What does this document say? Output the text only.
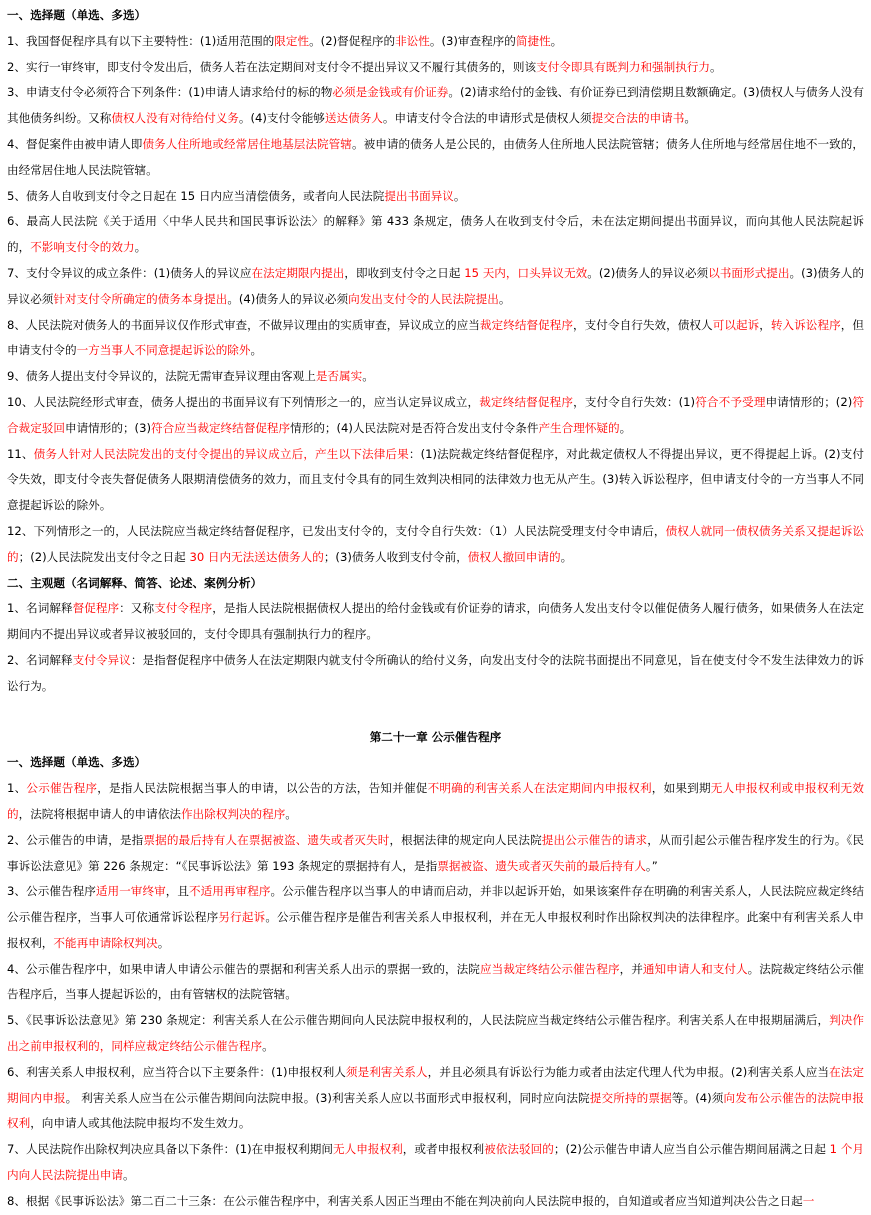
一、选择题（单选、多选）

1、我国督促程序具有以下主要特性：(1)适用范围的限定性。(2)督促程序的非讼性。(3)审查程序的简捷性。

2、实行一审终审，即支付令发出后，债务人若在法定期间对支付令不提出异议又不履行其债务的，则该支付令即具有既判力和强制执行力。

3、申请支付令必须符合下列条件：(1)申请人请求给付的标的物必须是金钱或有价证券。(2)请求给付的金钱、有价证券已到清偿期且数额确定。(3)债权人与债务人没有其他债务纠纷。又称债权人没有对待给付义务。(4)支付令能够送达债务人。申请支付令合法的申请形式是债权人须提交合法的申请书。

4、督促案件由被申请人即债务人住所地或经常居住地基层法院管辖。被申请的债务人是公民的，由债务人住所地人民法院管辖；债务人住所地与经常居住地不一致的，由经常居住地人民法院管辖。

5、债务人自收到支付令之日起在 15 日内应当清偿债务，或者向人民法院提出书面异议。

6、最高人民法院《关于适用〈中华人民共和国民事诉讼法〉的解释》第 433 条规定，债务人在收到支付令后，未在法定期间提出书面异议，而向其他人民法院起诉的，不影响支付令的效力。

7、支付令异议的成立条件：(1)债务人的异议应在法定期限内提出，即收到支付令之日起 15 天内，口头异议无效。(2)债务人的异议必须以书面形式提出。(3)债务人的异议必须针对支付令所确定的债务本身提出。(4)债务人的异议必须向发出支付令的人民法院提出。

8、人民法院对债务人的书面异议仅作形式审查，不做异议理由的实质审查，异议成立的应当裁定终结督促程序，支付令自行失效，债权人可以起诉，转入诉讼程序，但申请支付令的一方当事人不同意提起诉讼的除外。

9、债务人提出支付令异议的，法院无需审查异议理由客观上是否属实。

10、人民法院经形式审查，债务人提出的书面异议有下列情形之一的，应当认定异议成立，裁定终结督促程序，支付令自行失效：(1)符合不予受理申请情形的；(2)符合裁定驳回申请情形的；(3)符合应当裁定终结督促程序情形的；(4)人民法院对是否符合发出支付令条件产生合理怀疑的。

11、债务人针对人民法院发出的支付令提出的异议成立后，产生以下法律后果：(1)法院裁定终结督促程序，对此裁定债权人不得提出异议，更不得提起上诉。(2)支付令失效，即支付令丧失督促债务人限期清偿债务的效力，而且支付令具有的同生效判决相同的法律效力也无从产生。(3)转入诉讼程序，但申请支付令的一方当事人不同意提起诉讼的除外。

12、下列情形之一的，人民法院应当裁定终结督促程序，已发出支付令的，支付令自行失效：（1）人民法院受理支付令申请后，债权人就同一债权债务关系又提起诉讼的；(2)人民法院发出支付令之日起 30 日内无法送达债务人的；(3)债务人收到支付令前，债权人撤回申请的。

二、主观题（名词解释、简答、论述、案例分析）

1、名词解释督促程序：又称支付令程序，是指人民法院根据债权人提出的给付金钱或有价证券的请求，向债务人发出支付令以催促债务人履行债务，如果债务人在法定期间内不提出异议或者异议被驳回的，支付令即具有强制执行力的程序。

2、名词解释支付令异议：是指督促程序中债务人在法定期限内就支付令所确认的给付义务，向发出支付令的法院书面提出不同意见，旨在使支付令不发生法律效力的诉讼行为。

第二十一章 公示催告程序

一、选择题（单选、多选）

1、公示催告程序，是指人民法院根据当事人的申请，以公告的方法，告知并催促不明确的利害关系人在法定期间内申报权利，如果到期无人申报权利或申报权利无效的，法院将根据申请人的申请依法作出除权判决的程序。

2、公示催告的申请，是指票据的最后持有人在票据被盗、遗失或者灭失时，根据法律的规定向人民法院提出公示催告的请求，从而引起公示催告程序发生的行为。《民事诉讼法意见》第 226 条规定：“《民事诉讼法》第 193 条规定的票据持有人，是指票据被盗、遗失或者灭失前的最后持有人。”

3、公示催告程序适用一审终审，且不适用再审程序。公示催告程序以当事人的申请而启动，并非以起诉开始，如果该案件存在明确的利害关系人，人民法院应裁定终结公示催告程序，当事人可依通常诉讼程序另行起诉。公示催告程序是催告利害关系人申报权利，并在无人申报权利时作出除权判决的法律程序。此案中有利害关系人申报权利，不能再申请除权判决。

4、公示催告程序中，如果申请人申请公示催告的票据和利害关系人出示的票据一致的，法院应当裁定终结公示催告程序，并通知申请人和支付人。法院裁定终结公示催告程序后，当事人提起诉讼的，由有管辖权的法院管辖。

5、《民事诉讼法意见》第 230 条规定：利害关系人在公示催告期间向人民法院申报权利的，人民法院应当裁定终结公示催告程序。利害关系人在申报期届满后，判决作出之前申报权利的，同样应裁定终结公示催告程序。

6、利害关系人申报权利，应当符合以下主要条件：(1)申报权利人须是利害关系人，并且必须具有诉讼行为能力或者由法定代理人代为申报。(2)利害关系人应当在法定期间内申报。 利害关系人应当在公示催告期间向法院申报。(3)利害关系人应以书面形式申报权利，同时应向法院提交所持的票据等。(4)须向发布公示催告的法院申报权利，向申请人或其他法院申报均不发生效力。

7、人民法院作出除权判决应具备以下条件：(1)在申报权利期间无人申报权利，或者申报权利被依法驳回的；(2)公示催告申请人应当自公示催告期间届满之日起 1 个月内向人民法院提出申请。

8、根据《民事诉讼法》第二百二十三条：在公示催告程序中，利害关系人因正当理由不能在判决前向人民法院申报的，自知道或者应当知道判决公告之日起一
